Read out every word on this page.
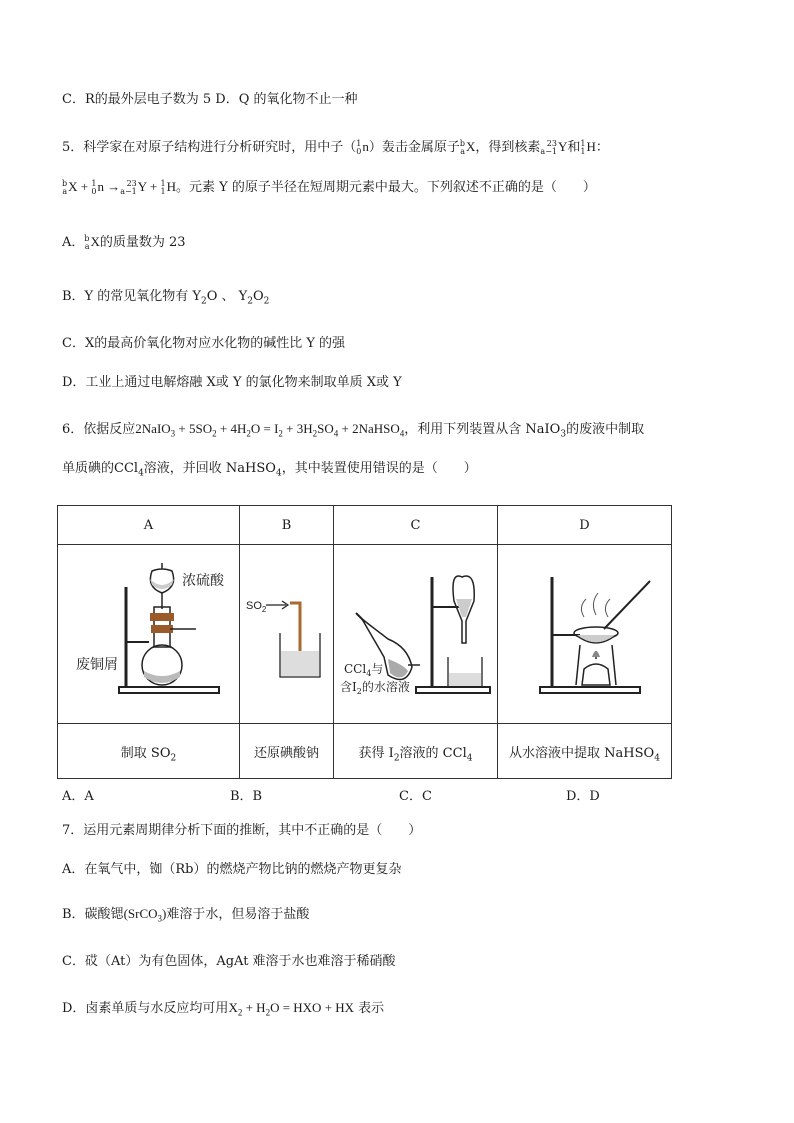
C．R的最外层电子数为 5 D．Q 的氧化物不止一种
5．科学家在对原子结构进行分析研究时，用中子（ 1
0 n）轰击金属原子 b
a X，得到核素 23
a−1 Y和 1
1 H：
b
a X + 1
0 n → 23
a−1 Y + 1
1 H。元素 Y 的原子半径在短周期元素中最大。下列叙述不正确的是（　　）
A． b
a X的质量数为 23
B．Y 的常见氧化物有 $Y_2O$ 、 $Y_2O_2$
C．X的最高价氧化物对应水化物的碱性比 Y 的强
D．工业上通过电解熔融 X或 Y 的氯化物来制取单质 X或 Y
6．依据反应2NaIO$_3$ + $5SO_2 + 4H_2O = I_2 + 3H_2SO_4$ + 2NaHSO$_4$，利用下列装置从含 NaIO$_3$的废液中制取
单质碘的CCl$_4$溶液，并回收 NaHSO$_4$，其中装置使用错误的是（　　）
A	B	C	D

浓硫酸
废铜屑	$SO_2$	CCl$_4$与
含$I_2$的水溶液

制取 $SO_2$	还原碘酸钠	获得 $I_2$溶液的 CCl$_4$	从水溶液中提取 NaHSO$_4$
A．A	B．B	C．C	D．D
7．运用元素周期律分析下面的推断，其中不正确的是（　　）
A．在氧气中，铷（Rb）的燃烧产物比钠的燃烧产物更复杂
B．碳酸锶(SrCO$_3$)难溶于水，但易溶于盐酸
C．砹（At）为有色固体，AgAt 难溶于水也难溶于稀硝酸
D．卤素单质与水反应均可用$X_2 + H_2O$ = HXO + HX 表示
